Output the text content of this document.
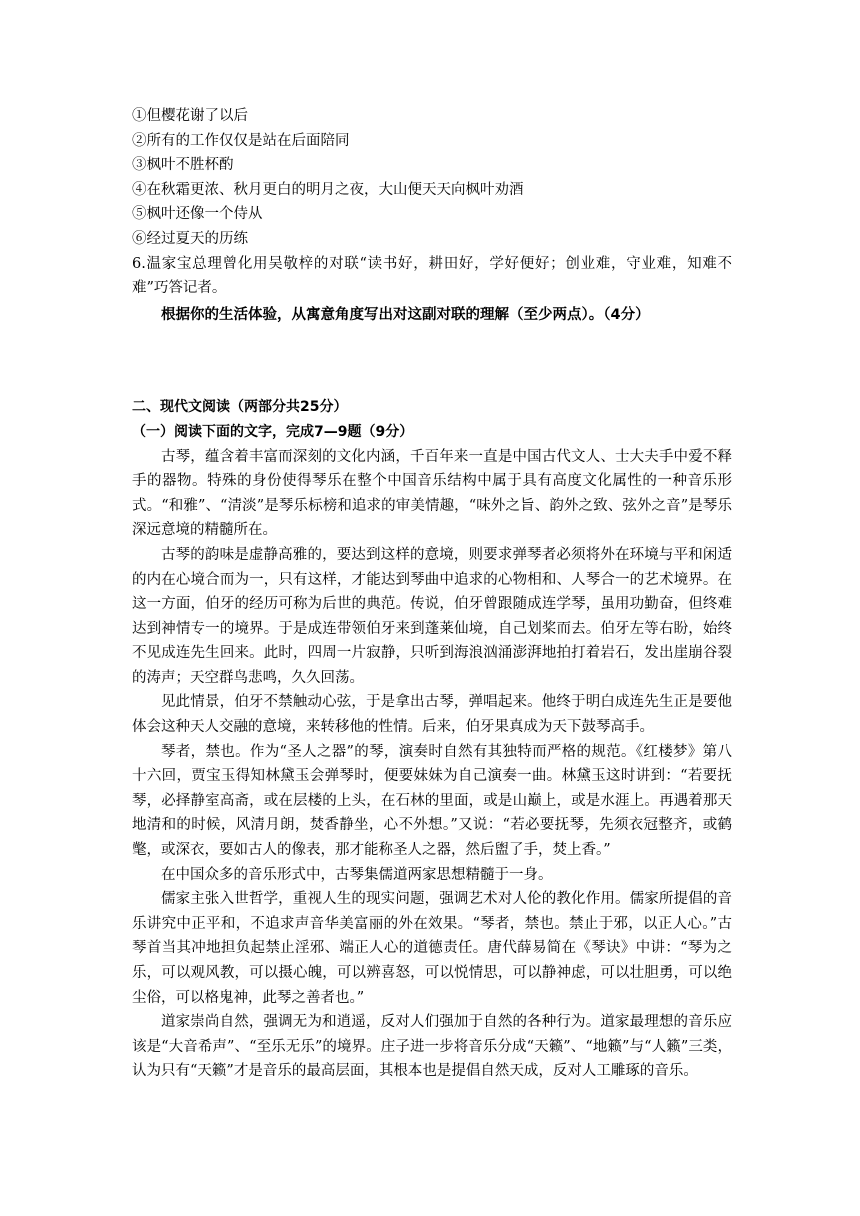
①但樱花谢了以后

②所有的工作仅仅是站在后面陪同

③枫叶不胜杯酌

④在秋霜更浓、秋月更白的明月之夜，大山便天天向枫叶劝酒

⑤枫叶还像一个侍从

⑥经过夏天的历练

6.温家宝总理曾化用吴敬梓的对联“读书好，耕田好，学好便好；创业难，守业难，知难不难”巧答记者。

根据你的生活体验，从寓意角度写出对这副对联的理解（至少两点）。（4分）

二、现代文阅读（两部分共25分）

（一）阅读下面的文字，完成7—9题（9分）

古琴，蕴含着丰富而深刻的文化内涵，千百年来一直是中国古代文人、士大夫手中爱不释手的器物。特殊的身份使得琴乐在整个中国音乐结构中属于具有高度文化属性的一种音乐形式。“和雅”、“清淡”是琴乐标榜和追求的审美情趣，“味外之旨、韵外之致、弦外之音”是琴乐深远意境的精髓所在。

古琴的韵味是虚静高雅的，要达到这样的意境，则要求弹琴者必须将外在环境与平和闲适的内在心境合而为一，只有这样，才能达到琴曲中追求的心物相和、人琴合一的艺术境界。在这一方面，伯牙的经历可称为后世的典范。传说，伯牙曾跟随成连学琴，虽用功勤奋，但终难达到神情专一的境界。于是成连带领伯牙来到蓬莱仙境，自己划桨而去。伯牙左等右盼，始终不见成连先生回来。此时，四周一片寂静，只听到海浪汹涌澎湃地拍打着岩石，发出崖崩谷裂的涛声；天空群鸟悲鸣，久久回荡。

见此情景，伯牙不禁触动心弦，于是拿出古琴，弹唱起来。他终于明白成连先生正是要他体会这种天人交融的意境，来转移他的性情。后来，伯牙果真成为天下鼓琴高手。

琴者，禁也。作为“圣人之器”的琴，演奏时自然有其独特而严格的规范。《红楼梦》第八十六回，贾宝玉得知林黛玉会弹琴时，便要妹妹为自己演奏一曲。林黛玉这时讲到：“若要抚琴，必择静室高斋，或在层楼的上头，在石林的里面，或是山巅上，或是水涯上。再遇着那天地清和的时候，风清月朗，焚香静坐，心不外想。”又说：“若必要抚琴，先须衣冠整齐，或鹤氅，或深衣，要如古人的像表，那才能称圣人之器，然后盥了手，焚上香。”

在中国众多的音乐形式中，古琴集儒道两家思想精髓于一身。

儒家主张入世哲学，重视人生的现实问题，强调艺术对人伦的教化作用。儒家所提倡的音乐讲究中正平和，不追求声音华美富丽的外在效果。“琴者，禁也。禁止于邪，以正人心。”古琴首当其冲地担负起禁止淫邪、端正人心的道德责任。唐代薛易简在《琴诀》中讲：“琴为之乐，可以观风教，可以摄心魄，可以辨喜怒，可以悦情思，可以静神虑，可以壮胆勇，可以绝尘俗，可以格鬼神，此琴之善者也。”

道家崇尚自然，强调无为和逍遥，反对人们强加于自然的各种行为。道家最理想的音乐应该是“大音希声”、“至乐无乐”的境界。庄子进一步将音乐分成“天籁”、“地籁”与“人籁”三类，认为只有“天籁”才是音乐的最高层面，其根本也是提倡自然天成，反对人工雕琢的音乐。
